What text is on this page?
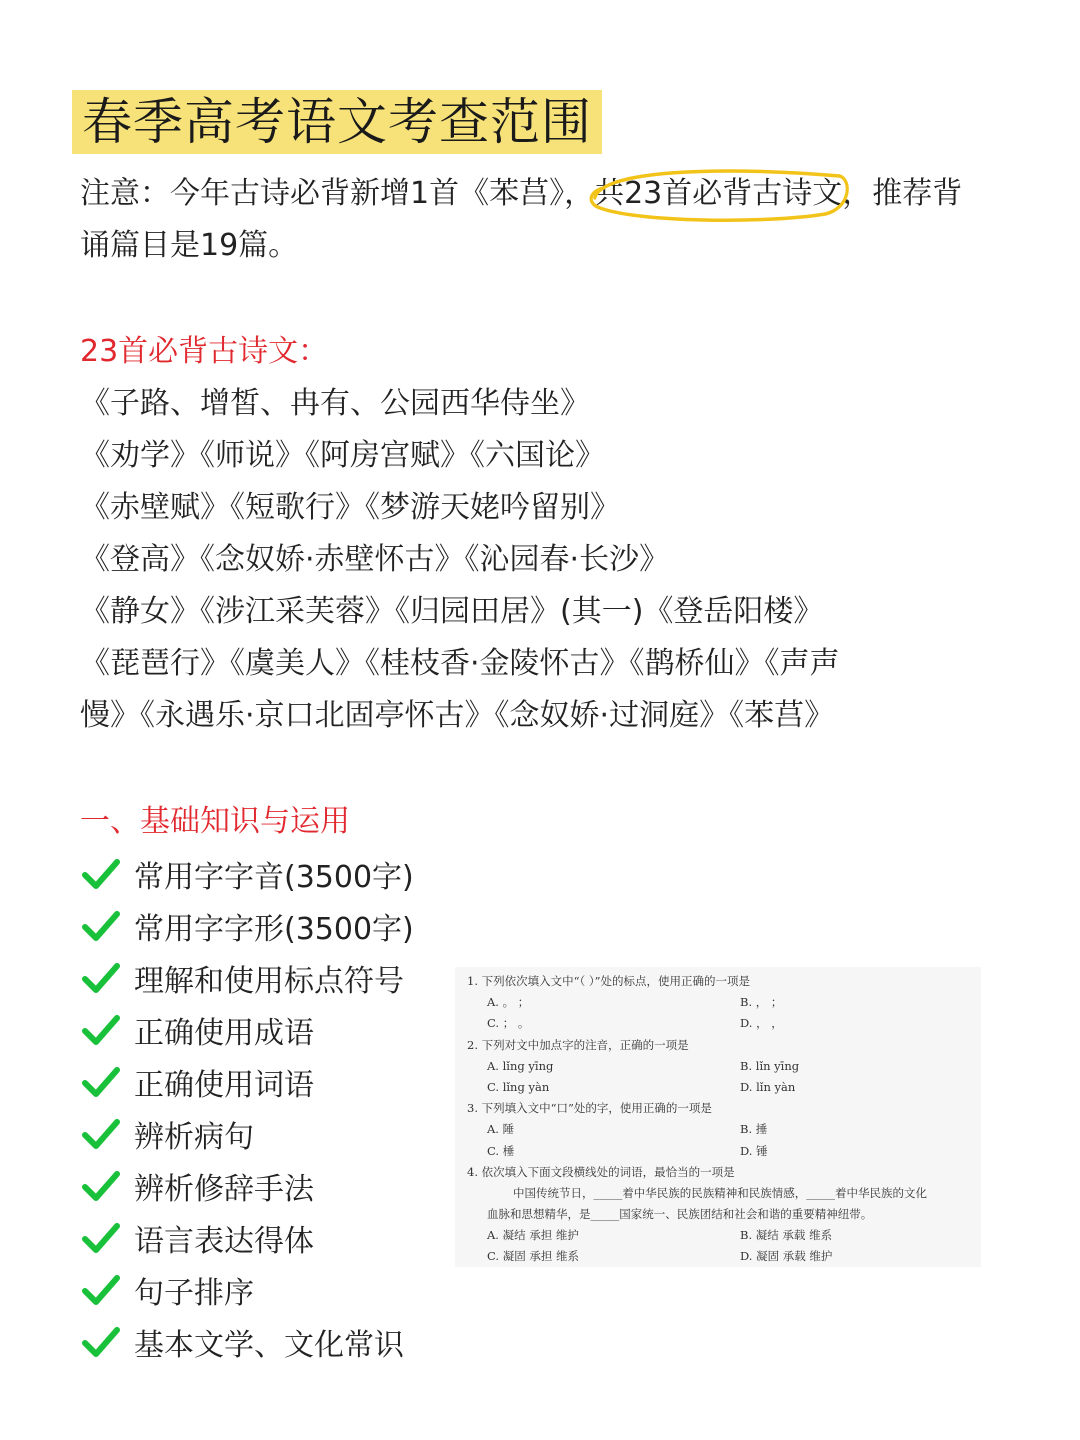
春季高考语文考查范围
注意：今年古诗必背新增1首《苯莒》，
共23首必背古诗文，推荐背诵篇目是19篇。
23首必背古诗文：
《子路、增皙、冉有、公园西华侍坐》
《劝学》《师说》《阿房宫赋》《六国论》
《赤壁赋》《短歌行》《梦游天姥吟留别》
《登高》《念奴娇·赤壁怀古》《沁园春·长沙》
《静女》《涉江采芙蓉》《归园田居》(其一)《登岳阳楼》
《琵琶行》《虞美人》《桂枝香·金陵怀古》《鹊桥仙》《声声
慢》《永遇乐·京口北固亭怀古》《念奴娇·过洞庭》《苯莒》
一、基础知识与运用
常用字字音(3500字)
常用字字形(3500字)
理解和使用标点符号
正确使用成语
正确使用词语
辨析病句
辨析修辞手法
语言表达得体
句子排序
基本文学、文化常识
1. 下列依次填入文中“（ ）”处的标点，使用正确的一项是
A. 。 ；	B. ， ；
C. ； 。	D. ， ，
2. 下列对文中加点字的注音，正确的一项是
A. lǐng yīng	B. lǐn yīng
C. lǐng yàn	D. lǐn yàn
3. 下列填入文中“口”处的字，使用正确的一项是
A. 陲	B. 捶
C. 棰	D. 锤
4. 依次填入下面文段横线处的词语，最恰当的一项是
中国传统节日，_____着中华民族的民族精神和民族情感，_____着中华民族的文化
血脉和思想精华，是_____国家统一、民族团结和社会和谐的重要精神纽带。
A. 凝结 承担 维护	B. 凝结 承载 维系
C. 凝固 承担 维系	D. 凝固 承载 维护
